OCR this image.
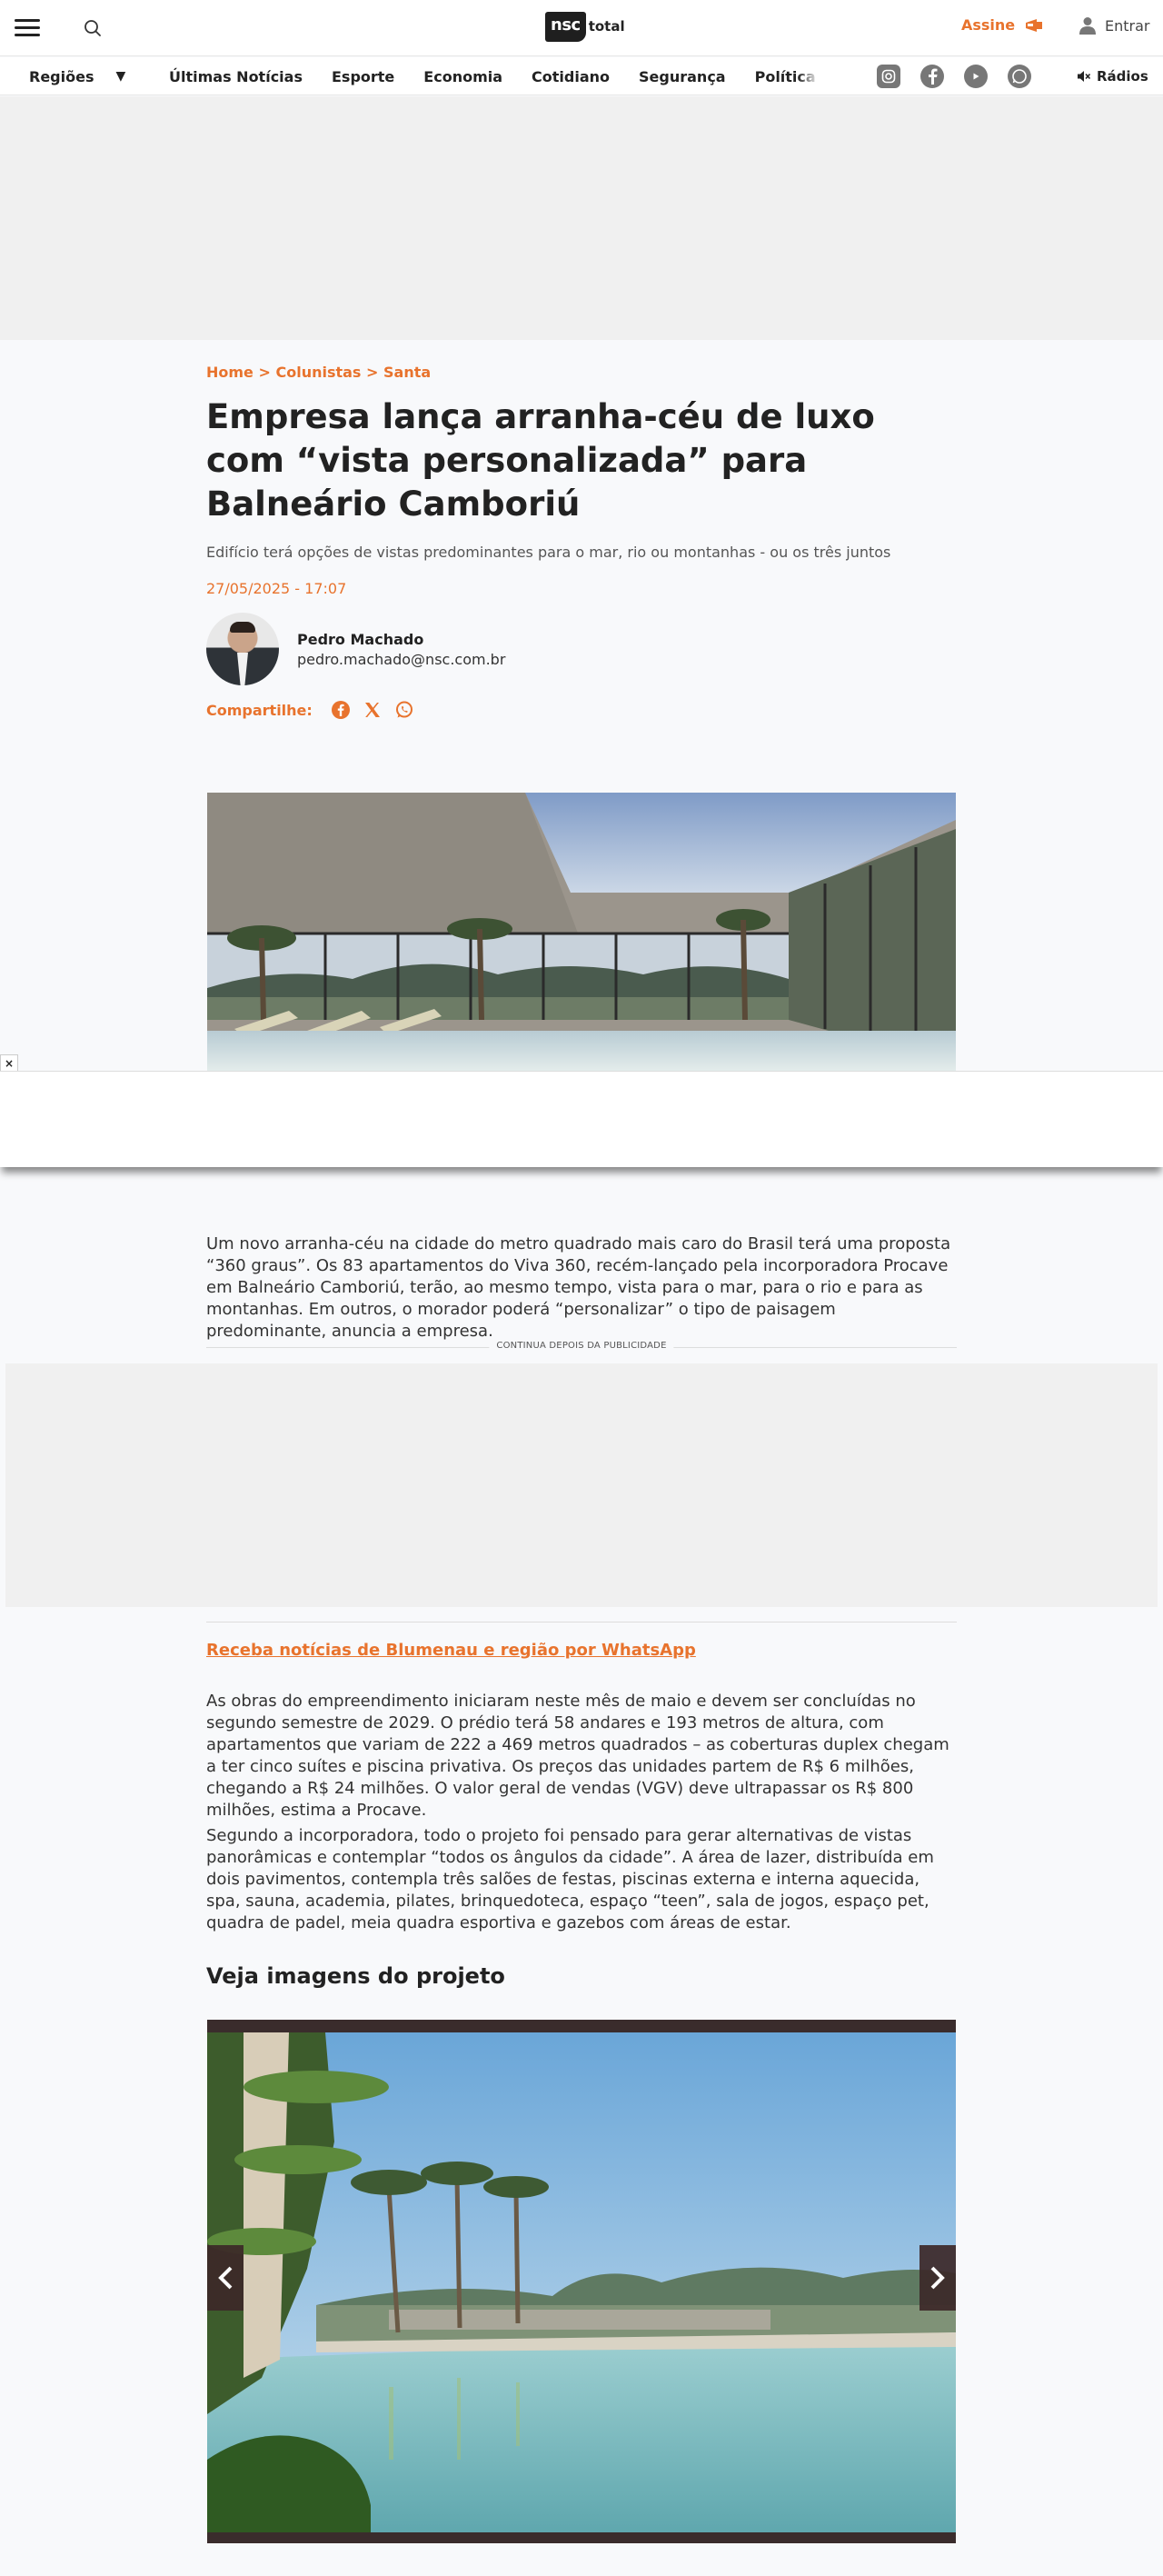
nsc total	Assine	Entrar
Regiões ▼	Últimas Notícias Esporte Economia Cotidiano Segurança Política	Rádios
Home > Colunistas > Santa
Empresa lança arranha-céu de luxo com “vista personalizada” para Balneário Camboriú
Edifício terá opções de vistas predominantes para o mar, rio ou montanhas - ou os três juntos
27/05/2025 - 17:07
Pedro Machado
pedro.machado@nsc.com.br
Compartilhe:
×

Um novo arranha-céu na cidade do metro quadrado mais caro do Brasil terá uma proposta “360 graus”. Os 83 apartamentos do Viva 360, recém-lançado pela incorporadora Procave em Balneário Camboriú, terão, ao mesmo tempo, vista para o mar, para o rio e para as montanhas. Em outros, o morador poderá “personalizar” o tipo de paisagem predominante, anuncia a empresa.

CONTINUA DEPOIS DA PUBLICIDADE
Receba notícias de Blumenau e região por WhatsApp

As obras do empreendimento iniciaram neste mês de maio e devem ser concluídas no segundo semestre de 2029. O prédio terá 58 andares e 193 metros de altura, com apartamentos que variam de 222 a 469 metros quadrados – as coberturas duplex chegam a ter cinco suítes e piscina privativa. Os preços das unidades partem de R$ 6 milhões, chegando a R$ 24 milhões. O valor geral de vendas (VGV) deve ultrapassar os R$ 800 milhões, estima a Procave.

Segundo a incorporadora, todo o projeto foi pensado para gerar alternativas de vistas panorâmicas e contemplar “todos os ângulos da cidade”. A área de lazer, distribuída em dois pavimentos, contempla três salões de festas, piscinas externa e interna aquecida, spa, sauna, academia, pilates, brinquedoteca, espaço “teen”, sala de jogos, espaço pet, quadra de padel, meia quadra esportiva e gazebos com áreas de estar.

Veja imagens do projeto
